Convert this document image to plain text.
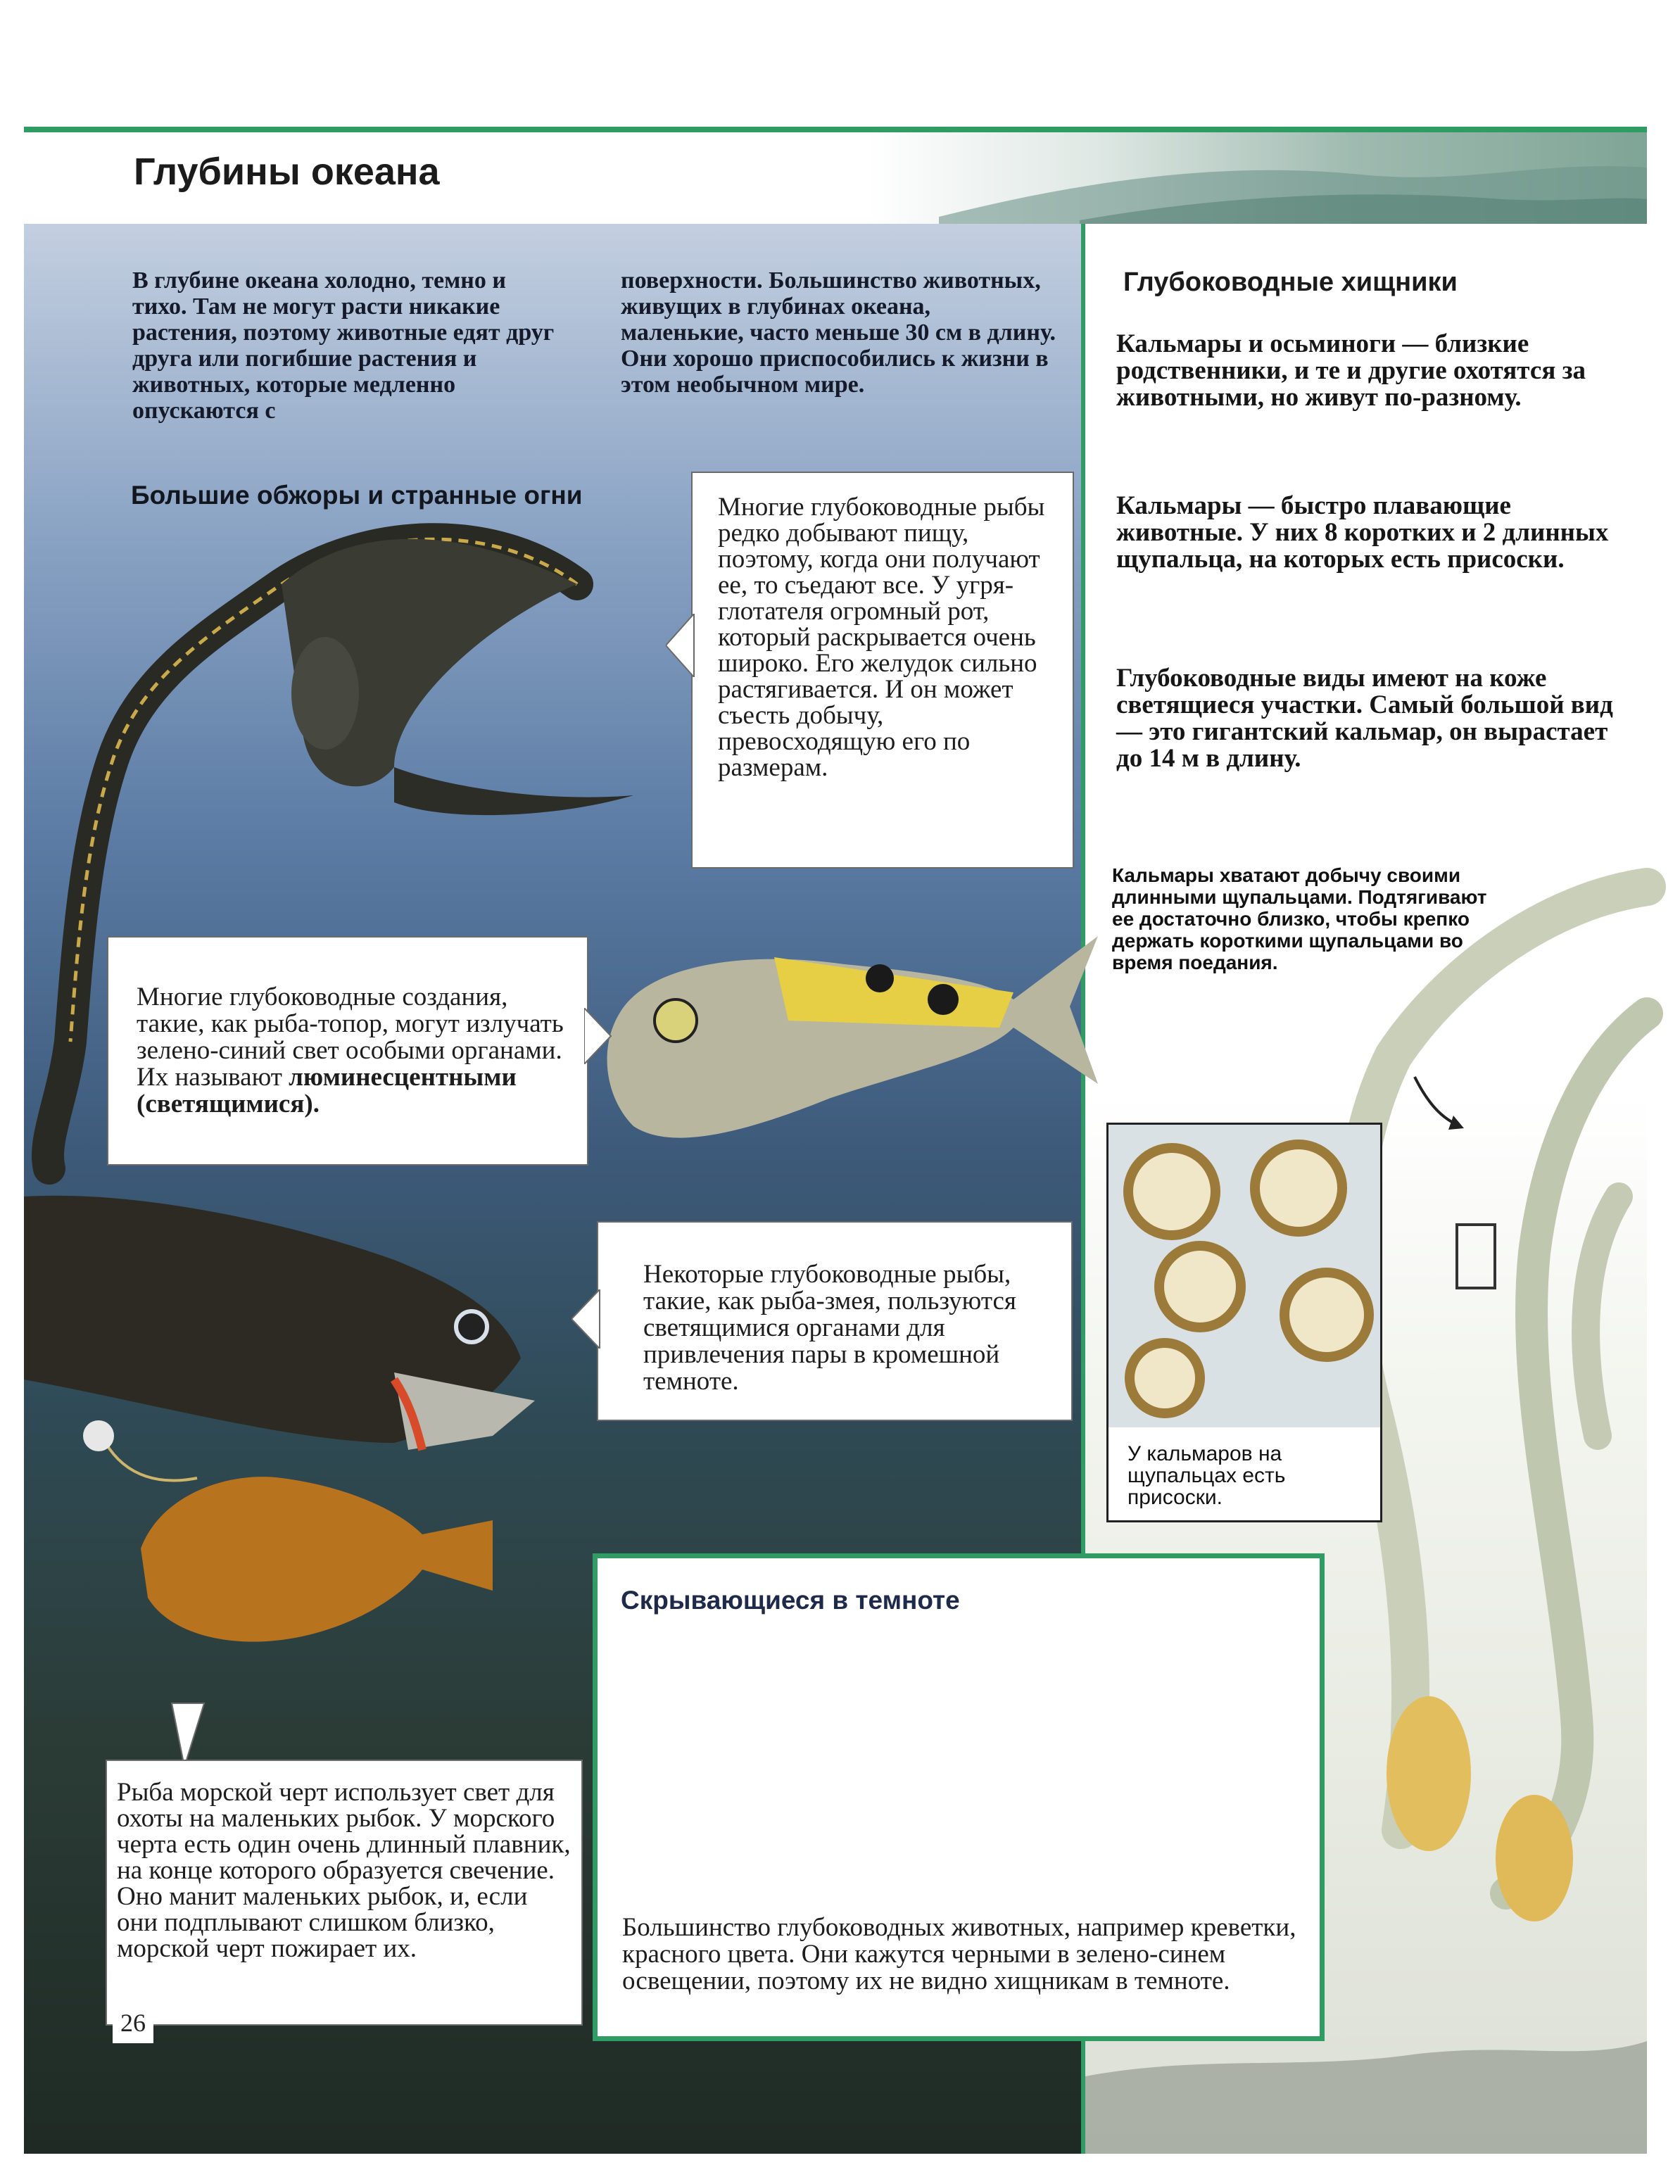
Глубины океана
В глубине океана холодно, темно и тихо. Там не могут расти никакие растения, поэтому животные едят друг друга или погибшие растения и животных, которые медленно опускаются с
поверхности. Большинство животных, живущих в глубинах океана, маленькие, часто меньше 30 см в длину. Они хорошо приспособились к жизни в этом необычном мире.
Большие обжоры и странные огни	Многие глубоководные рыбы редко добывают пищу, поэтому, когда они получают ее, то съедают все. У угря-глотателя огромный рот, который раскрывается очень широко. Его желудок сильно растягивается. И он может съесть добычу, превосходящую его по размерам.
Многие глубоководные создания, такие, как рыба-топор, могут излучать зелено-синий свет особыми органами. Их называют люминесцентными (светящимися).
Некоторые глубоководные рыбы, такие, как рыба-змея, пользуются светящимися органами для привлечения пары в кромешной темноте.
Рыба морской черт использует свет для охоты на маленьких рыбок. У морского черта есть один очень длинный плавник, на конце которого образуется свечение. Оно манит маленьких рыбок, и, если они подплывают слишком близко, морской черт пожирает их.
26
Скрывающиеся в темноте
Большинство глубоководных животных, например креветки, красного цвета. Они кажутся черными в зелено-синем освещении, поэтому их не видно хищникам в темноте.
Глубоководные хищники
Кальмары и осьминоги — близкие родственники, и те и другие охотятся за животными, но живут по-разному.
Кальмары — быстро плавающие животные. У них 8 коротких и 2 длинных щупальца, на которых есть присоски.
Глубоководные виды имеют на коже светящиеся участки. Самый большой вид — это гигантский кальмар, он вырастает до 14 м в длину.
Кальмары хватают добычу своими длинными щупальцами. Подтягивают ее достаточно близко, чтобы крепко держать короткими щупальцами во время поедания.
У кальмаров на щупальцах есть присоски.
